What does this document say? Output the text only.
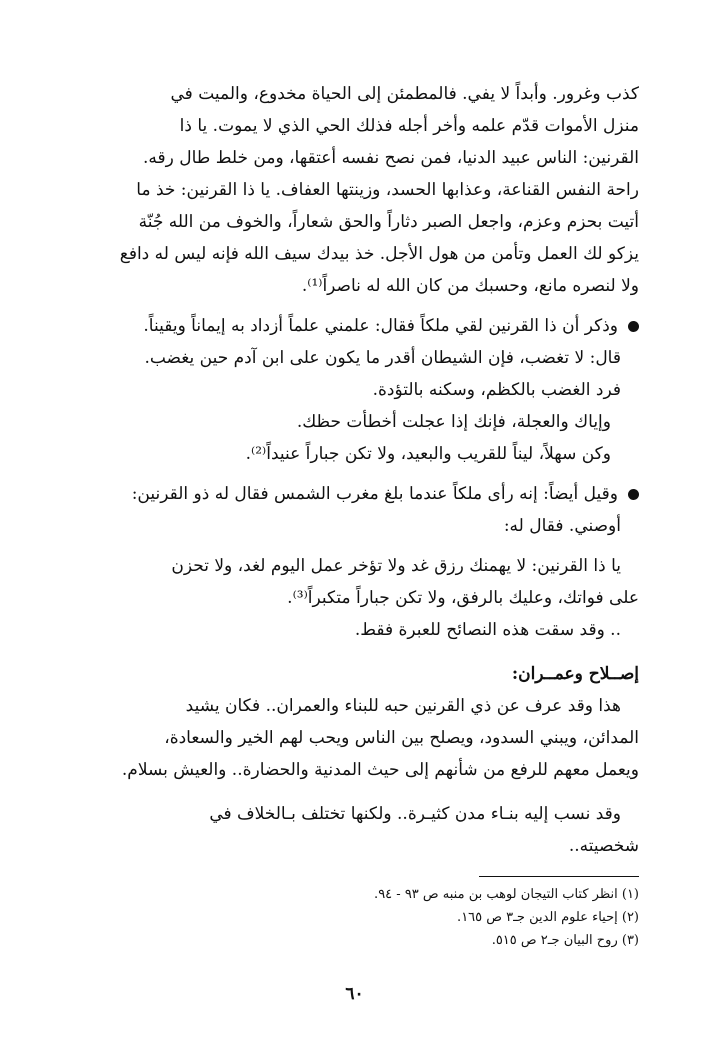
كذب وغرور. وأبداً لا يفي. فالمطمئن إلى الحياة مخدوع، والميت في
منزل الأموات قدّم علمه وأخر أجله فذلك الحي الذي لا يموت. يا ذا
القرنين: الناس عبيد الدنيا، فمن نصح نفسه أعتقها، ومن خلط طال رقه.
راحة النفس القناعة، وعذابها الحسد، وزينتها العفاف. يا ذا القرنين: خذ ما
أتيت بحزم وعزم، واجعل الصبر دثاراً والحق شعاراً، والخوف من الله جُنّة
يزكو لك العمل وتأمن من هول الأجل. خذ بيدك سيف الله فإنه ليس له دافع
ولا لنصره مانع، وحسبك من كان الله له ناصراً⁽¹⁾.
وذكر أن ذا القرنين لقي ملكاً فقال: علمني علماً أزداد به إيماناً ويقيناً.
قال: لا تغضب، فإن الشيطان أقدر ما يكون على ابن آدم حين يغضب.
فرد الغضب بالكظم، وسكنه بالتؤدة.
وإياك والعجلة، فإنك إذا عجلت أخطأت حظك.
وكن سهلاً، ليناً للقريب والبعيد، ولا تكن جباراً عنيداً⁽²⁾.
وقيل أيضاً: إنه رأى ملكاً عندما بلغ مغرب الشمس فقال له ذو القرنين:
أوصني. فقال له:
يا ذا القرنين: لا يهمنك رزق غد ولا تؤخر عمل اليوم لغد، ولا تحزن
على فواتك، وعليك بالرفق، ولا تكن جباراً متكبراً⁽³⁾.
.. وقد سقت هذه النصائح للعبرة فقط.
إصــلاح وعمــران:
هذا وقد عرف عن ذي القرنين حبه للبناء والعمران.. فكان يشيد
المدائن، ويبني السدود، ويصلح بين الناس ويحب لهم الخير والسعادة،
ويعمل معهم للرفع من شأنهم إلى حيث المدنية والحضارة.. والعيش بسلام.
وقد نسب إليه بنـاء مدن كثيـرة.. ولكنها تختلف بـالخلاف في
شخصيته..
(١) انظر كتاب التيجان لوهب بن منبه ص ٩٣ - ٩٤.
(٢) إحياء علوم الدين جـ٣ ص ١٦٥.
(٣) روح البيان جـ٢ ص ٥١٥.
٦٠
